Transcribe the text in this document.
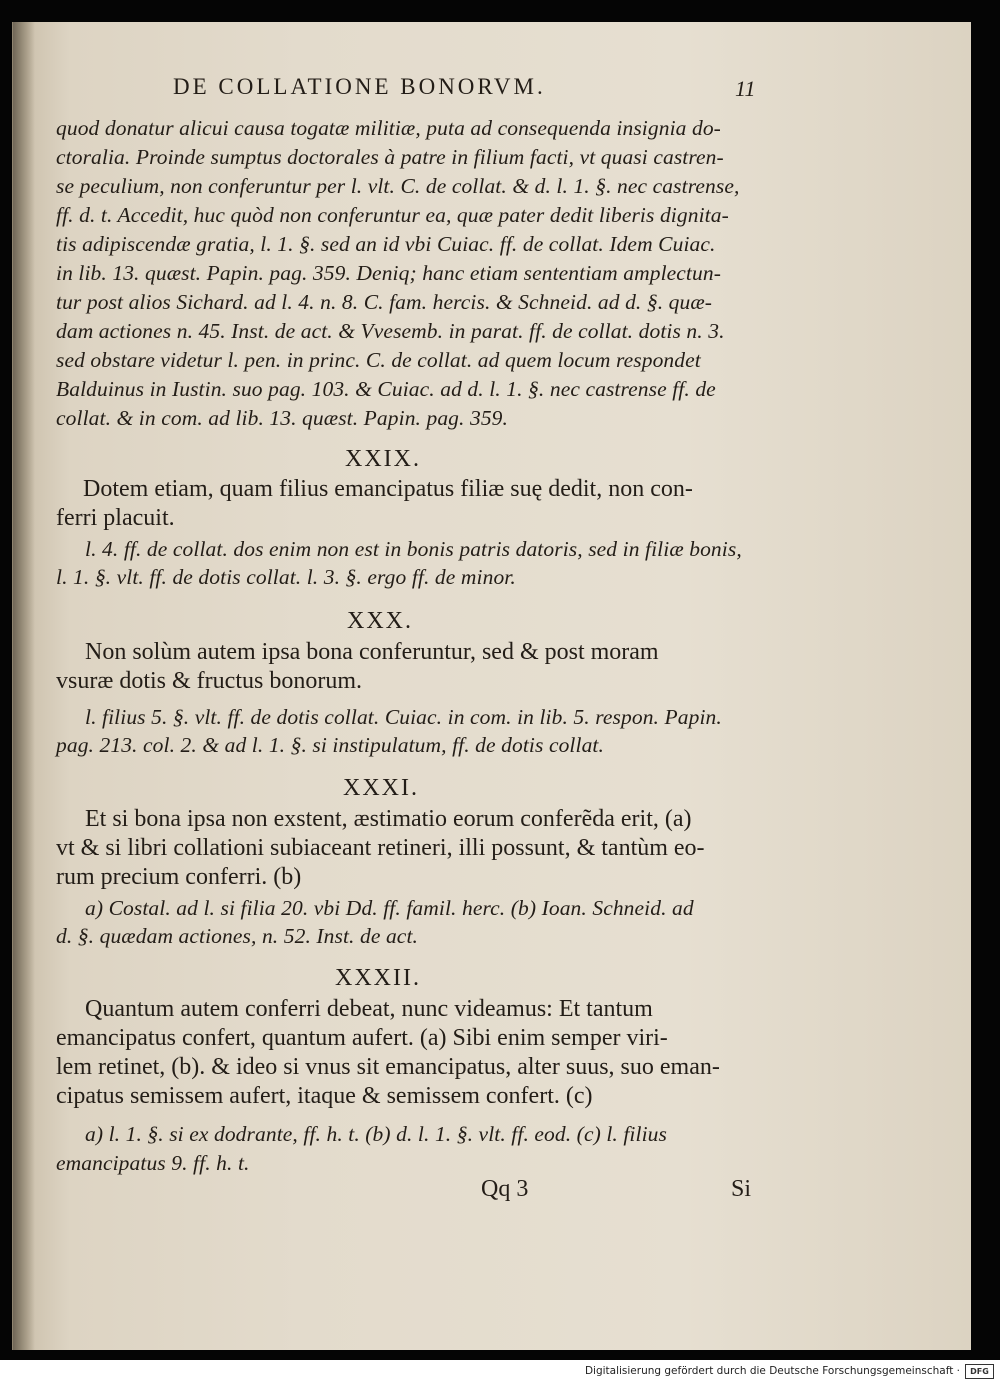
DE COLLATIONE BONORVM.	11
quod donatur alicui causa togatæ militiæ, puta ad consequenda insignia do-
ctoralia. Proinde sumptus doctorales à patre in filium facti, vt quasi castren-
se peculium, non conferuntur per l. vlt. C. de collat. & d. l. 1. §. nec castrense,
ff. d. t. Accedit, huc quòd non conferuntur ea, quæ pater dedit liberis dignita-
tis adipiscendæ gratia, l. 1. §. sed an id vbi Cuiac. ff. de collat. Idem Cuiac.
in lib. 13. quæst. Papin. pag. 359. Deniq; hanc etiam sententiam amplectun-
tur post alios Sichard. ad l. 4. n. 8. C. fam. hercis. & Schneid. ad d. §. quæ-
dam actiones n. 45. Inst. de act. & Vvesemb. in parat. ff. de collat. dotis n. 3.
sed obstare videtur l. pen. in princ. C. de collat. ad quem locum respondet
Balduinus in Iustin. suo pag. 103. & Cuiac. ad d. l. 1. §. nec castrense ff. de
collat. & in com. ad lib. 13. quæst. Papin. pag. 359.
XXIX.
Dotem etiam, quam filius emancipatus filiæ suę dedit, non con-
ferri placuit.
l. 4. ff. de collat. dos enim non est in bonis patris datoris, sed in filiæ bonis,
l. 1. §. vlt. ff. de dotis collat. l. 3. §. ergo ff. de minor.
XXX.
Non solùm autem ipsa bona conferuntur, sed & post moram
vsuræ dotis & fructus bonorum.
l. filius 5. §. vlt. ff. de dotis collat. Cuiac. in com. in lib. 5. respon. Papin.
pag. 213. col. 2. & ad l. 1. §. si instipulatum, ff. de dotis collat.
XXXI.
Et si bona ipsa non exstent, æstimatio eorum conferẽda erit, (a)
vt & si libri collationi subiaceant retineri, illi possunt, & tantùm eo-
rum precium conferri. (b)
a) Costal. ad l. si filia 20. vbi Dd. ff. famil. herc. (b) Ioan. Schneid. ad
d. §. quædam actiones, n. 52. Inst. de act.
XXXII.
Quantum autem conferri debeat, nunc videamus: Et tantum
emancipatus confert, quantum aufert. (a) Sibi enim semper viri-
lem retinet, (b). & ideo si vnus sit emancipatus, alter suus, suo eman-
cipatus semissem aufert, itaque & semissem confert. (c)
a) l. 1. §. si ex dodrante, ff. h. t. (b) d. l. 1. §. vlt. ff. eod. (c) l. filius
emancipatus 9. ff. h. t.
Qq 3	Si
Digitalisierung gefördert durch die Deutsche Forschungsgemeinschaft ·	DFG
